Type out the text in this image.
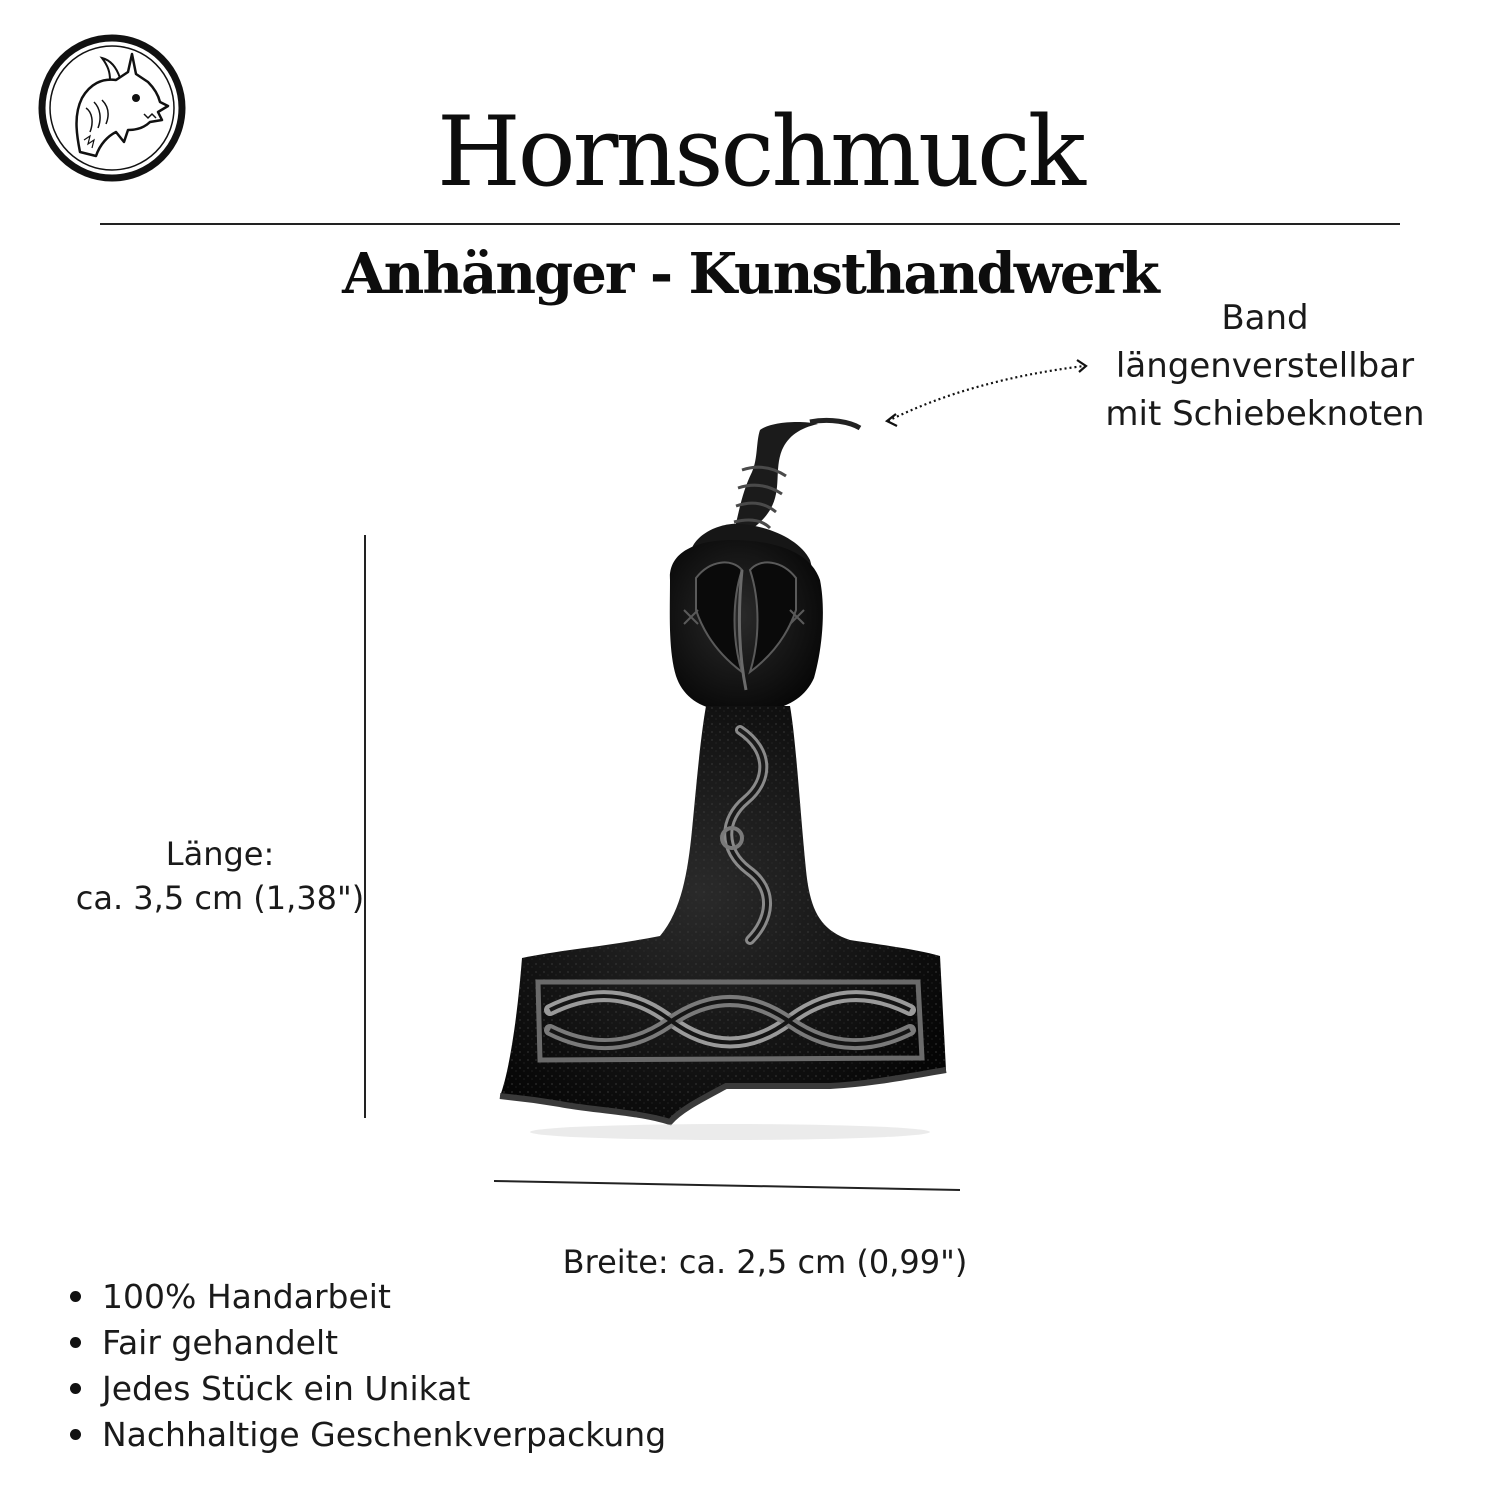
Hornschmuck
Anhänger - Kunsthandwerk
Band
längenverstellbar
mit Schiebeknoten
Länge:
ca. 3,5 cm (1,38")
Breite: ca. 2,5 cm (0,99")
100% Handarbeit
Fair gehandelt
Jedes Stück ein Unikat
Nachhaltige Geschenkverpackung
